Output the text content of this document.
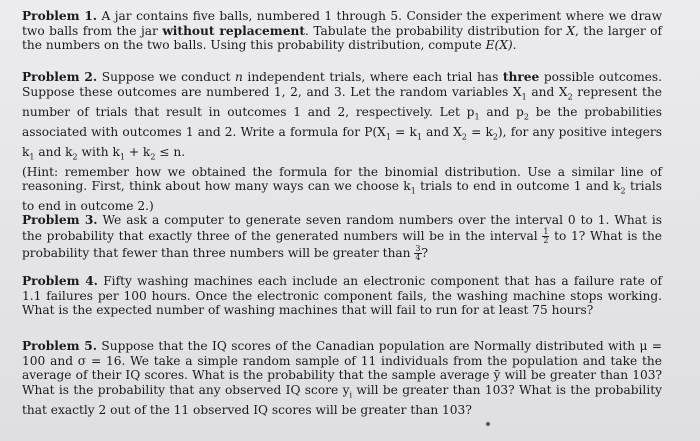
Problem 1. A jar contains five balls, numbered 1 through 5. Consider the experiment where we draw two balls from the jar without replacement. Tabulate the probability distribution for X, the larger of the numbers on the two balls. Using this probability distribution, compute E(X).

Problem 2. Suppose we conduct n independent trials, where each trial has three possible outcomes. Suppose these outcomes are numbered 1, 2, and 3. Let the random variables $X_1$ and $X_2$ represent the number of trials that result in outcomes 1 and 2, respectively. Let $p_1$ and $p_2$ be the probabilities associated with outcomes 1 and 2. Write a formula for $P(X_1 = k_1$ and $X_2 = k_2$), for any positive integers $k_1$ and $k_2$ with $k_1 + k_2 \le n$.

(Hint: remember how we obtained the formula for the binomial distribution. Use a similar line of reasoning. First, think about how many ways can we choose $k_1$ trials to end in outcome 1 and $k_2$ trials to end in outcome 2.)

Problem 3. We ask a computer to generate seven random numbers over the interval 0 to 1. What is the probability that exactly three of the generated numbers will be in the interval $\frac{1}{2}$ to 1? What is the probability that fewer than three numbers will be greater than $\frac{3}{4}$ ?

Problem 4. Fifty washing machines each include an electronic component that has a failure rate of 1.1 failures per 100 hours. Once the electronic component fails, the washing machine stops working. What is the expected number of washing machines that will fail to run for at least 75 hours?

Problem 5. Suppose that the IQ scores of the Canadian population are Normally distributed with μ = 100 and σ = 16. We take a simple random sample of 11 individuals from the population and take the average of their IQ scores. What is the probability that the sample average ȳ will be greater than 103? What is the probability that any observed IQ score $y_i$ will be greater than 103? What is the probability that exactly 2 out of the 11 observed IQ scores will be greater than 103?
